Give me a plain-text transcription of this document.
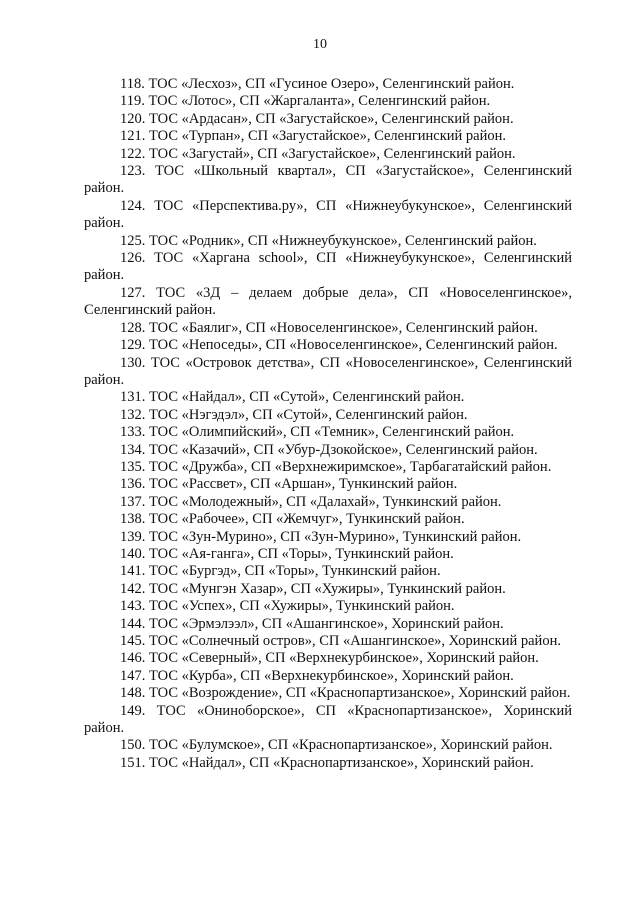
10

118. ТОС «Лесхоз», СП «Гусиное Озеро», Селенгинский район.

119. ТОС «Лотос», СП «Жаргаланта», Селенгинский район.

120. ТОС «Ардасан», СП «Загустайское», Селенгинский район.

121. ТОС «Турпан», СП «Загустайское», Селенгинский район.

122. ТОС «Загустай», СП «Загустайское», Селенгинский район.

123. ТОС «Школьный квартал», СП «Загустайское», Селенгинский район.

124. ТОС «Перспектива.ру», СП «Нижнеубукунское», Селенгинский район.

125. ТОС «Родник», СП «Нижнеубукунское», Селенгинский район.

126. ТОС «Харгана school», СП «Нижнеубукунское», Селенгинский район.

127. ТОС «3Д – делаем добрые дела», СП «Новоселенгинское», Селенгинский район.

128. ТОС «Баялиг», СП «Новоселенгинское», Селенгинский район.

129. ТОС «Непоседы», СП «Новоселенгинское», Селенгинский район.

130. ТОС «Островок детства», СП «Новоселенгинское», Селенгинский район.

131. ТОС «Найдал», СП «Сутой», Селенгинский район.

132. ТОС «Нэгэдэл», СП «Сутой», Селенгинский район.

133. ТОС «Олимпийский», СП «Темник», Селенгинский район.

134. ТОС «Казачий», СП «Убур-Дзокойское», Селенгинский район.

135. ТОС «Дружба», СП «Верхнежиримское», Тарбагатайский район.

136. ТОС «Рассвет», СП «Аршан», Тункинский район.

137. ТОС «Молодежный», СП «Далахай», Тункинский район.

138. ТОС «Рабочее», СП «Жемчуг», Тункинский район.

139. ТОС «Зун-Мурино», СП «Зун-Мурино», Тункинский район.

140. ТОС «Ая-ганга», СП «Торы», Тункинский район.

141. ТОС «Бургэд», СП «Торы», Тункинский район.

142. ТОС «Мунгэн Хазар», СП «Хужиры», Тункинский район.

143. ТОС «Успех», СП «Хужиры», Тункинский район.

144. ТОС «Эрмэлээл», СП «Ашангинское», Хоринский район.

145. ТОС «Солнечный остров», СП «Ашангинское», Хоринский район.

146. ТОС «Северный», СП «Верхнекурбинское», Хоринский район.

147. ТОС «Курба», СП «Верхнекурбинское», Хоринский район.

148. ТОС «Возрождение», СП «Краснопартизанское», Хоринский район.

149. ТОС «Ониноборское», СП «Краснопартизанское», Хоринский район.

150. ТОС «Булумское», СП «Краснопартизанское», Хоринский район.

151. ТОС «Найдал», СП «Краснопартизанское», Хоринский район.
